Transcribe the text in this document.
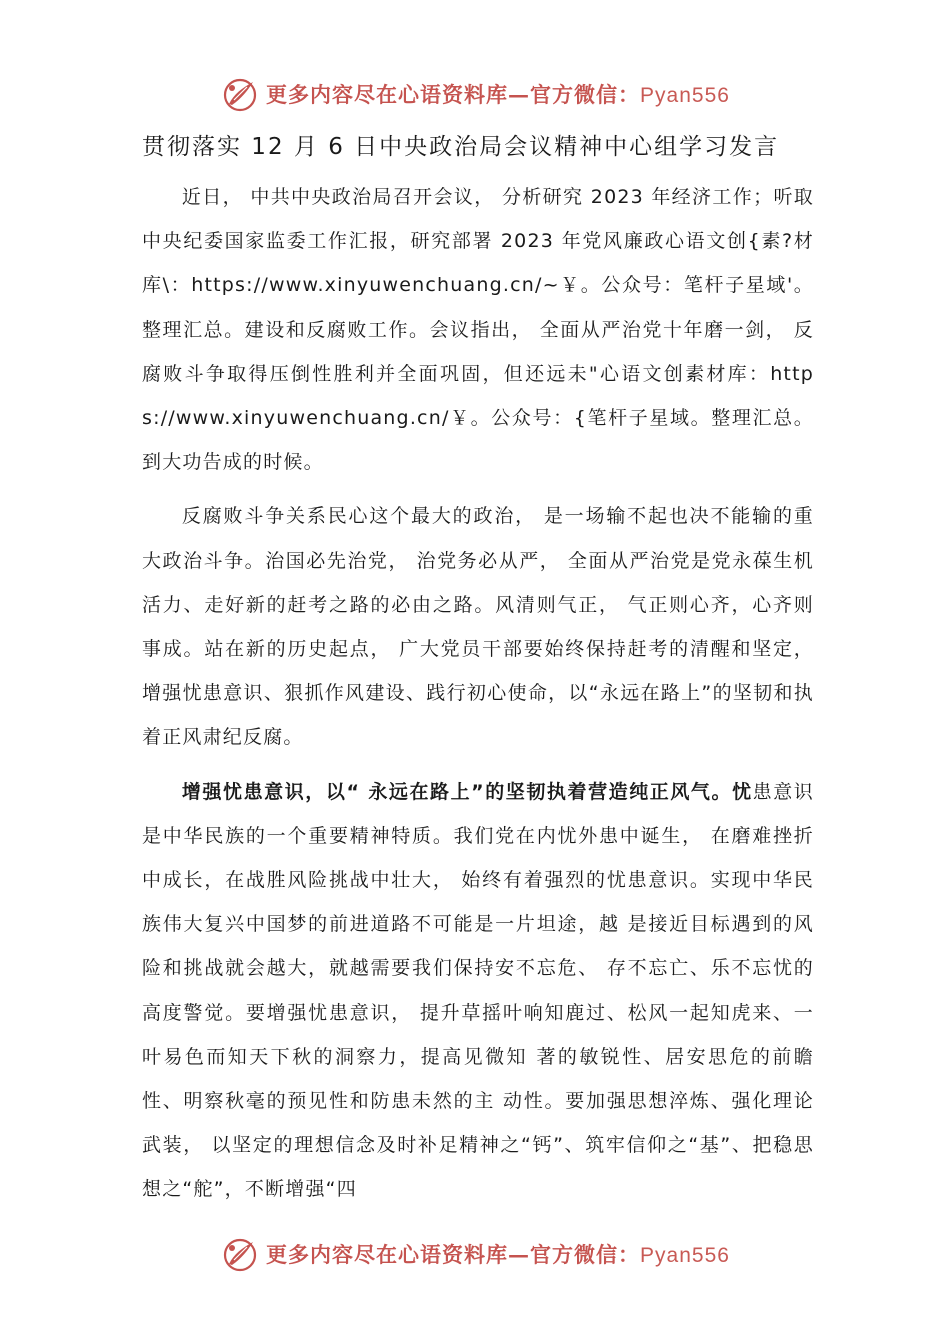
更多内容尽在心语资料库—官方微信：Pyan556
贯彻落实 12 月 6 日中央政治局会议精神中心组学习发言

近日， 中共中央政治局召开会议， 分析研究 2023 年经济工作；听取中央纪委国家监委工作汇报，研究部署 2023 年党风廉政心语文创{素?材库\：https://www.xinyuwenchuang.cn/~￥。公众号：笔杆子星域'。整理汇总。建设和反腐败工作。会议指出， 全面从严治党十年磨一剑， 反腐败斗争取得压倒性胜利并全面巩固，但还远未"心语文创素材库：https://www.xinyuwenchuang.cn/￥。公众号：{笔杆子星域。整理汇总。到大功告成的时候。

反腐败斗争关系民心这个最大的政治， 是一场输不起也决不能输的重大政治斗争。治国必先治党， 治党务必从严， 全面从严治党是党永葆生机活力、走好新的赶考之路的必由之路。风清则气正， 气正则心齐，心齐则事成。站在新的历史起点， 广大党员干部要始终保持赶考的清醒和坚定， 增强忧患意识、狠抓作风建设、践行初心使命，以“永远在路上”的坚韧和执着正风肃纪反腐。

增强忧患意识，以“ 永远在路上”的坚韧执着营造纯正风气。忧患意识是中华民族的一个重要精神特质。我们党在内忧外患中诞生， 在磨难挫折中成长，在战胜风险挑战中壮大， 始终有着强烈的忧患意识。实现中华民族伟大复兴中国梦的前进道路不可能是一片坦途，越 是接近目标遇到的风险和挑战就会越大，就越需要我们保持安不忘危、 存不忘亡、乐不忘忧的高度警觉。要增强忧患意识， 提升草摇叶响知鹿过、松风一起知虎来、一叶易色而知天下秋的洞察力，提高见微知 著的敏锐性、居安思危的前瞻性、明察秋毫的预见性和防患未然的主 动性。要加强思想淬炼、强化理论武装， 以坚定的理想信念及时补足精神之“钙”、筑牢信仰之“基”、把稳思想之“舵”，不断增强“四

更多内容尽在心语资料库—官方微信：Pyan556
